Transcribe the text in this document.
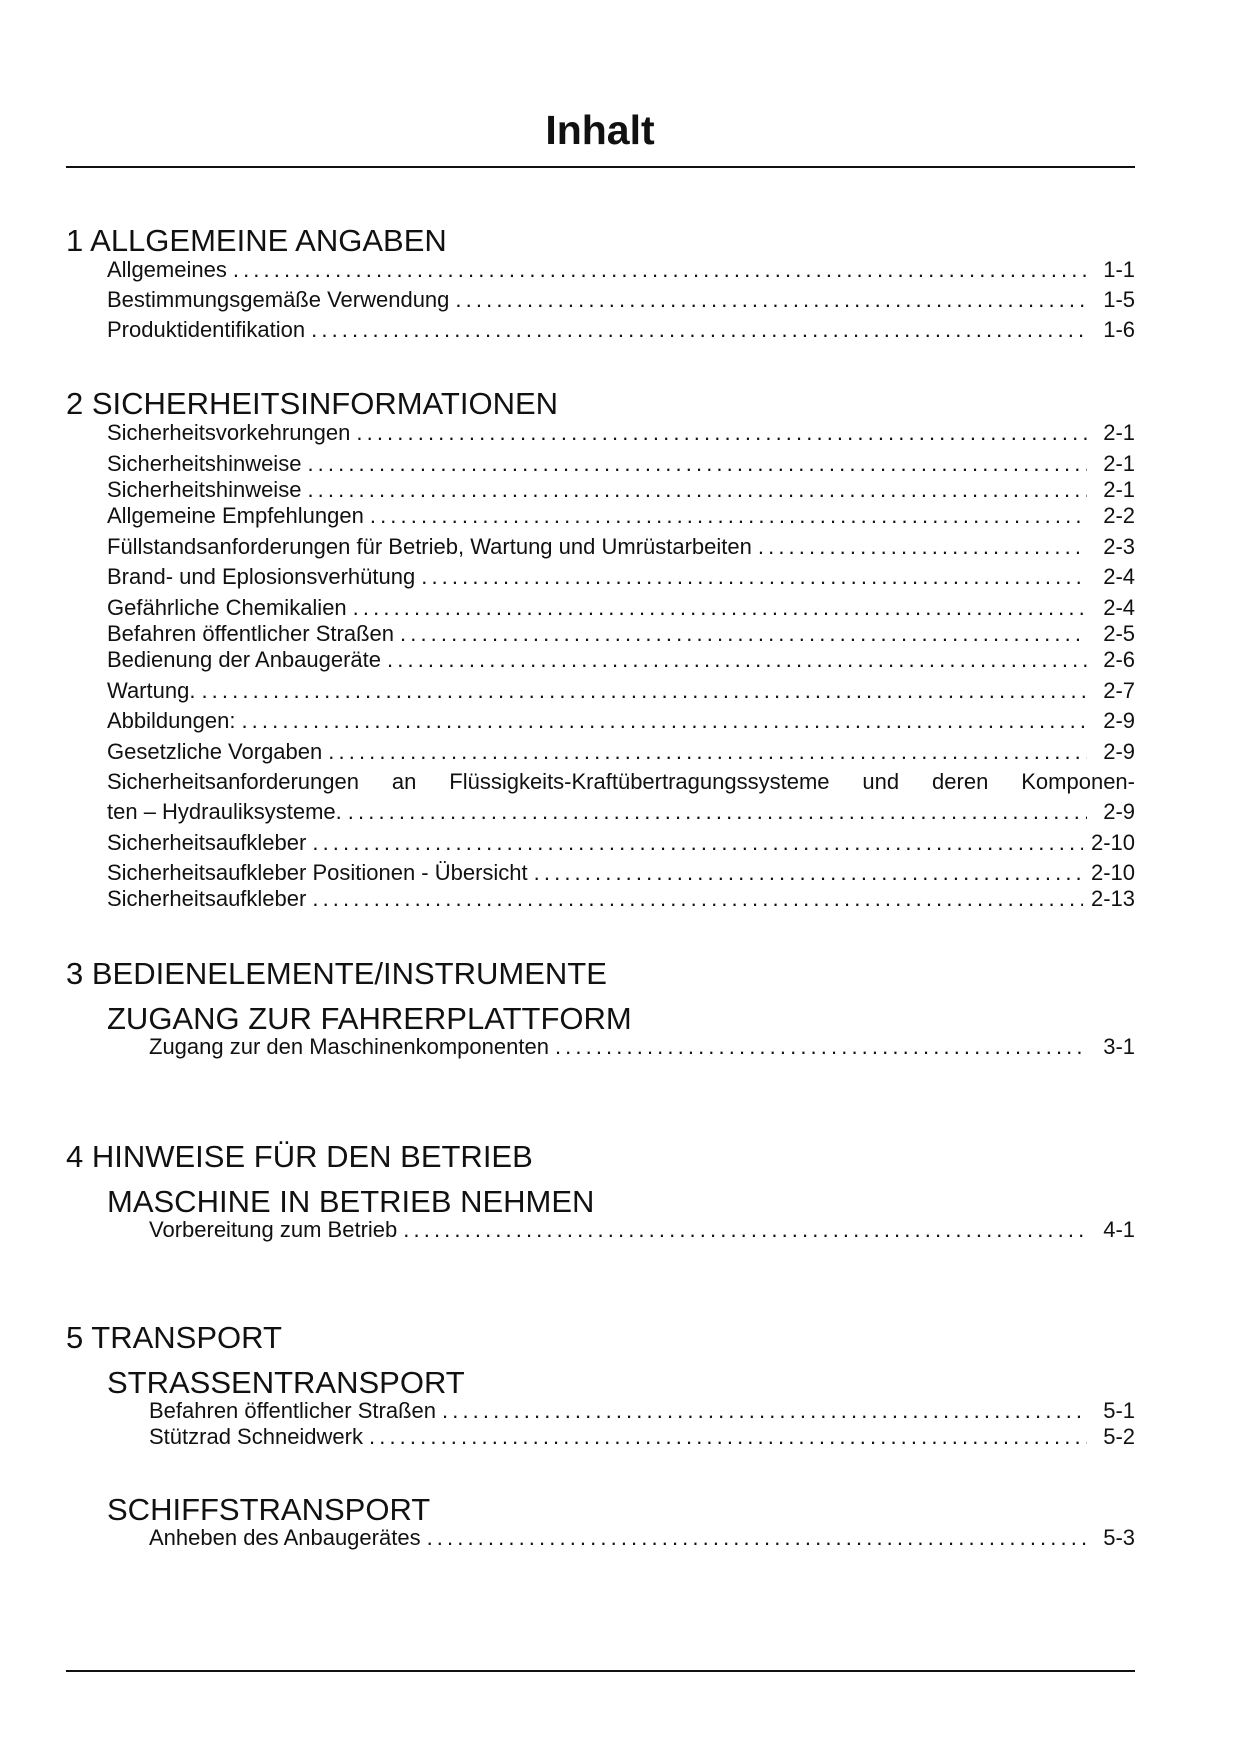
Inhalt
1 ALLGEMEINE ANGABEN
Allgemeines . . .	1-1
Bestimmungsgemäße Verwendung . . .	1-5
Produktidentifikation . . .	1-6
2 SICHERHEITSINFORMATIONEN
Sicherheitsvorkehrungen . . .	2-1
Sicherheitshinweise . . .	2-1
Sicherheitshinweise . . .	2-1
Allgemeine Empfehlungen . . .	2-2
Füllstandsanforderungen für Betrieb, Wartung und Umrüstarbeiten . . .	2-3
Brand- und Eplosionsverhütung . . .	2-4
Gefährliche Chemikalien . . .	2-4
Befahren öffentlicher Straßen . . .	2-5
Bedienung der Anbaugeräte . . .	2-6
Wartung. . . .	2-7
Abbildungen: . . .	2-9
Gesetzliche Vorgaben . . .	2-9
Sicherheitsanforderungen an Flüssigkeits-Kraftübertragungssysteme und deren Komponen-
ten – Hydrauliksysteme. . . .	2-9
Sicherheitsaufkleber . . .	2-10
Sicherheitsaufkleber Positionen - Übersicht . . .	2-10
Sicherheitsaufkleber . . .	2-13
3 BEDIENELEMENTE/INSTRUMENTE
ZUGANG ZUR FAHRERPLATTFORM
Zugang zur den Maschinenkomponenten . . .	3-1
4 HINWEISE FÜR DEN BETRIEB
MASCHINE IN BETRIEB NEHMEN
Vorbereitung zum Betrieb . . .	4-1
5 TRANSPORT
STRASSENTRANSPORT
Befahren öffentlicher Straßen . . .	5-1
Stützrad Schneidwerk . . .	5-2
SCHIFFSTRANSPORT
Anheben des Anbaugerätes . . .	5-3
